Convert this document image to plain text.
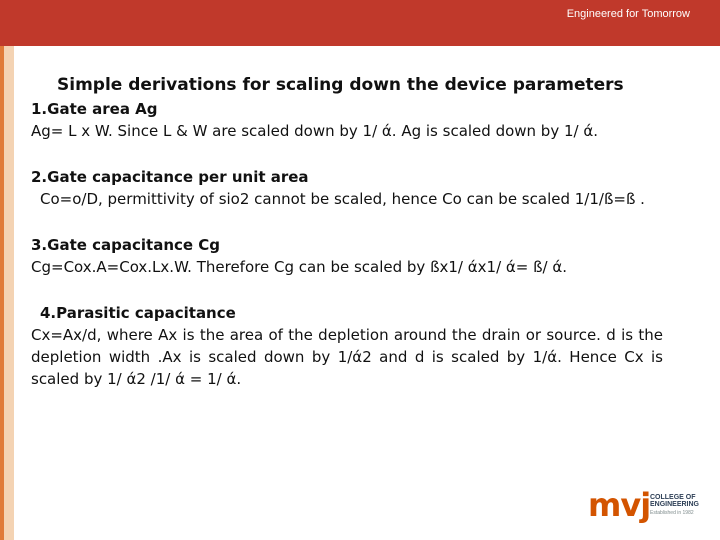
Engineered for Tomorrow
Simple derivations for scaling down the device parameters
1.Gate area Ag
Ag= L x W. Since L & W are scaled down by 1/ ά. Ag is scaled down by 1/ ά.
2.Gate capacitance per unit area
Co=ο/D, permittivity of sio2 cannot be scaled, hence Co can be scaled 1/1/ß=ß .
3.Gate capacitance Cg
Cg=Cox.A=Cox.Lx.W. Therefore Cg can be scaled by ßx1/ άx1/ ά= ß/ ά.
4.Parasitic capacitance
Cx=Ax/d, where Ax is the area of the depletion around the drain or source. d is the depletion width .Ax is scaled down by 1/ά2 and d is scaled by 1/ά. Hence Cx is scaled by 1/ ά2 /1/ ά = 1/ ά.
mvj COLLEGE OF
ENGINEERING
Established in 1982
